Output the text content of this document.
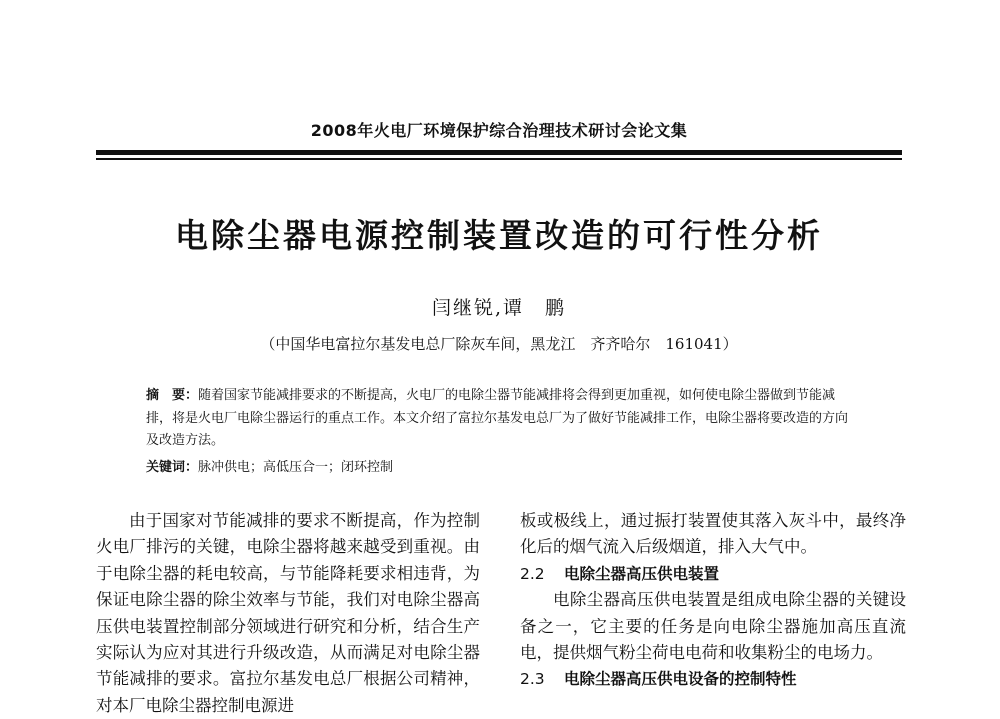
2008年火电厂环境保护综合治理技术研讨会论文集
电除尘器电源控制装置改造的可行性分析
闫继锐,谭　鹏
（中国华电富拉尔基发电总厂除灰车间，黑龙江　齐齐哈尔　161041）
摘　要：随着国家节能减排要求的不断提高，火电厂的电除尘器节能减排将会得到更加重视，如何使电除尘器做到节能减排，将是火电厂电除尘器运行的重点工作。本文介绍了富拉尔基发电总厂为了做好节能减排工作，电除尘器将要改造的方向及改造方法。
关键词：脉冲供电；高低压合一；闭环控制

由于国家对节能减排的要求不断提高，作为控制火电厂排污的关键，电除尘器将越来越受到重视。由于电除尘器的耗电较高，与节能降耗要求相违背，为保证电除尘器的除尘效率与节能，我们对电除尘器高压供电装置控制部分领域进行研究和分析，结合生产实际认为应对其进行升级改造，从而满足对电除尘器节能减排的要求。富拉尔基发电总厂根据公司精神，对本厂电除尘器控制电源进

板或极线上，通过振打装置使其落入灰斗中，最终净化后的烟气流入后级烟道，排入大气中。

2.2 电除尘器高压供电装置

电除尘器高压供电装置是组成电除尘器的关键设备之一，它主要的任务是向电除尘器施加高压直流电，提供烟气粉尘荷电电荷和收集粉尘的电场力。

2.3 电除尘器高压供电设备的控制特性
